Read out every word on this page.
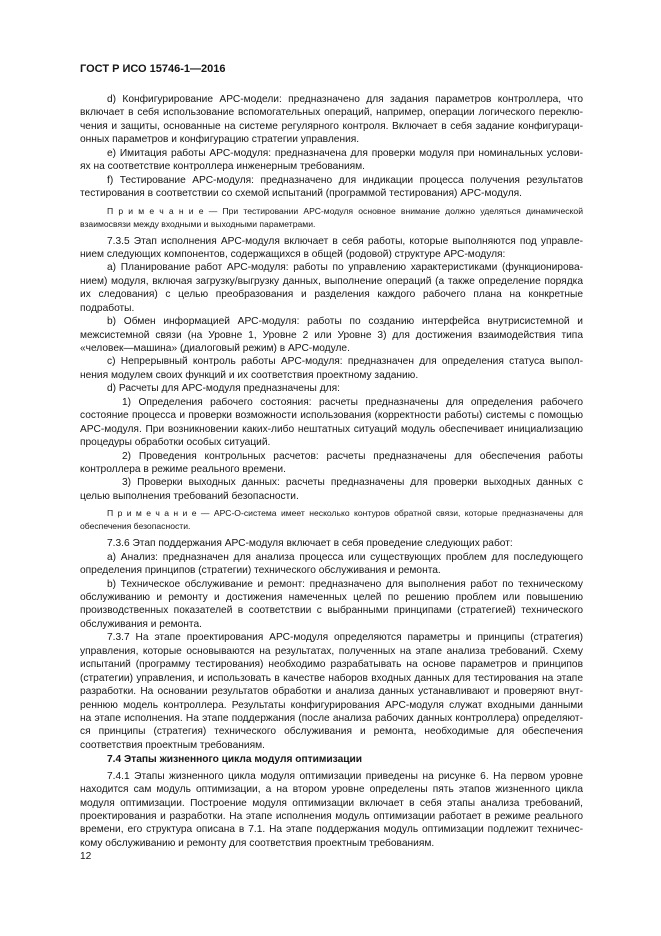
ГОСТ Р ИСО 15746-1—2016
d) Конфигурирование АРС-модели: предназначено для задания параметров контроллера, что
включает в себя использование вспомогательных операций, например, операции логического переклю-
чения и защиты, основанные на системе регулярного контроля. Включает в себя задание конфигураци-
онных параметров и конфигурацию стратегии управления.
e) Имитация работы АРС-модуля: предназначена для проверки модуля при номинальных услови-
ях на соответствие контроллера инженерным требованиям.
f) Тестирование АРС-модуля: предназначено для индикации процесса получения результатов
тестирования в соответствии со схемой испытаний (программой тестирования) АРС-модуля.
П р и м е ч а н и е — При тестировании АРС-модуля основное внимание должно уделяться динамической
взаимосвязи между входными и выходными параметрами.
7.3.5 Этап исполнения АРС-модуля включает в себя работы, которые выполняются под управле-
нием следующих компонентов, содержащихся в общей (родовой) структуре АРС-модуля:
а) Планирование работ АРС-модуля: работы по управлению характеристиками (функционирова-
нием) модуля, включая загрузку/выгрузку данных, выполнение операций (а также определение порядка
их следования) с целью преобразования и разделения каждого рабочего плана на конкретные
подработы.
b) Обмен информацией АРС-модуля: работы по созданию интерфейса внутрисистемной и
межсистемной связи (на Уровне 1, Уровне 2 или Уровне 3) для достижения взаимодействия типа
«человек—машина» (диалоговый режим) в АРС-модуле.
с) Непрерывный контроль работы АРС-модуля: предназначен для определения статуса выпол-
нения модулем своих функций и их соответствия проектному заданию.
d) Расчеты для АРС-модуля предназначены для:
1) Определения рабочего состояния: расчеты предназначены для определения рабочего
состояние процесса и проверки возможности использования (корректности работы) системы с помощью
АРС-модуля. При возникновении каких-либо нештатных ситуаций модуль обеспечивает инициализацию
процедуры обработки особых ситуаций.
2) Проведения контрольных расчетов: расчеты предназначены для обеспечения работы
контроллера в режиме реального времени.
3) Проверки выходных данных: расчеты предназначены для проверки выходных данных с
целью выполнения требований безопасности.
П р и м е ч а н и е — АРС-О-система имеет несколько контуров обратной связи, которые предназначены для
обеспечения безопасности.
7.3.6 Этап поддержания АРС-модуля включает в себя проведение следующих работ:
а) Анализ: предназначен для анализа процесса или существующих проблем для последующего
определения принципов (стратегии) технического обслуживания и ремонта.
b) Техническое обслуживание и ремонт: предназначено для выполнения работ по техническому
обслуживанию и ремонту и достижения намеченных целей по решению проблем или повышению
производственных показателей в соответствии с выбранными принципами (стратегией) технического
обслуживания и ремонта.
7.3.7 На этапе проектирования АРС-модуля определяются параметры и принципы (стратегия)
управления, которые основываются на результатах, полученных на этапе анализа требований. Схему
испытаний (программу тестирования) необходимо разрабатывать на основе параметров и принципов
(стратегии) управления, и использовать в качестве наборов входных данных для тестирования на этапе
разработки. На основании результатов обработки и анализа данных устанавливают и проверяют внут-
реннюю модель контроллера. Результаты конфигурирования АРС-модуля служат входными данными
на этапе исполнения. На этапе поддержания (после анализа рабочих данных контроллера) определяют-
ся принципы (стратегия) технического обслуживания и ремонта, необходимые для обеспечения
соответствия проектным требованиям.
7.4 Этапы жизненного цикла модуля оптимизации
7.4.1 Этапы жизненного цикла модуля оптимизации приведены на рисунке 6. На первом уровне
находится сам модуль оптимизации, а на втором уровне определены пять этапов жизненного цикла
модуля оптимизации. Построение модуля оптимизации включает в себя этапы анализа требований,
проектирования и разработки. На этапе исполнения модуль оптимизации работает в режиме реального
времени, его структура описана в 7.1. На этапе поддержания модуль оптимизации подлежит техничес-
кому обслуживанию и ремонту для соответствия проектным требованиям.
12
